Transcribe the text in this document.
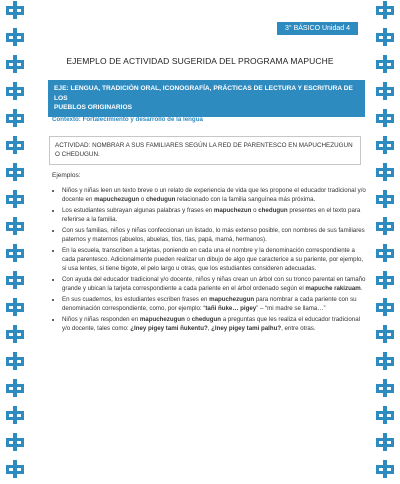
3° BÁSICO Unidad 4
EJEMPLO DE ACTIVIDAD SUGERIDA DEL PROGRAMA MAPUCHE
EJE: LENGUA, TRADICIÓN ORAL, ICONOGRAFÍA, PRÁCTICAS DE LECTURA Y ESCRITURA DE LOS
PUEBLOS ORIGINARIOS
Contexto: Fortalecimiento y desarrollo de la lengua
ACTIVIDAD: NOMBRAR A SUS FAMILIARES SEGÚN LA RED DE PARENTESCO EN MAPUCHEZUGUN
O CHEDUGUN.
Ejemplos:
• Niños y niñas leen un texto breve o un relato de experiencia de vida que les propone el educador tradicional y/o docente en mapuchezugun o chedugun relacionado con la familia sanguínea más próxima.
• Los estudiantes subrayan algunas palabras y frases en mapuchezun o chedugun presentes en el texto para referirse a la familia.
• Con sus familias, niños y niñas confeccionan un listado, lo más extenso posible, con nombres de sus familiares paternos y maternos (abuelos, abuelas, tíos, tías, papá, mamá, hermanos).
• En la escuela, transcriben a tarjetas, poniendo en cada una el nombre y la denominación correspondiente a cada parentesco. Adicionalmente pueden realizar un dibujo de algo que caracterice a su pariente, por ejemplo, si usa lentes, si tiene bigote, el pelo largo u otras, que los estudiantes consideren adecuadas.
• Con ayuda del educador tradicional y/o docente, niños y niñas crean un árbol con su tronco parental en tamaño grande y ubican la tarjeta correspondiente a cada pariente en el árbol ordenado según el mapuche rakizuam.
• En sus cuadernos, los estudiantes escriben frases en mapuchezugun para nombrar a cada pariente con su denominación correspondiente, como, por ejemplo: “tañi ñuke… pigey” – “mi madre se llama…”
• Niños y niñas responden en mapuchezugun o chedugun a preguntas que les realiza el educador tradicional y/o docente, tales como: ¿Iney pigey tami ñukentu?, ¿Iney pigey tami palhu?, entre otras.
